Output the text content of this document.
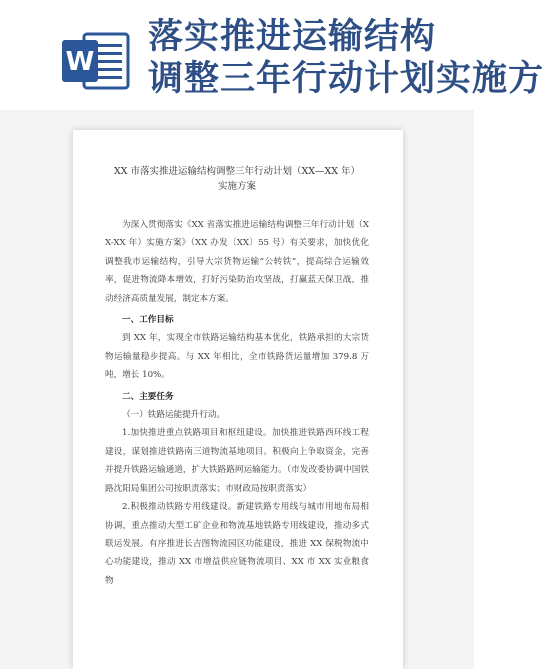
W
落实推进运输结构
调整三年行动计划实施方
XX 市落实推进运输结构调整三年行动计划（XX—XX 年）
实施方案

为深入贯彻落实《XX 省落实推进运输结构调整三年行动计划（XX-XX 年）实施方案》（XX 办发〔XX〕55 号）有关要求，加快优化调整我市运输结构，引导大宗货物运输“公转铁”，提高综合运输效率，促进物流降本增效，打好污染防治攻坚战，打赢蓝天保卫战，推动经济高质量发展，制定本方案。

一、工作目标

到 XX 年，实现全市铁路运输结构基本优化，铁路承担的大宗货物运输量稳步提高。与 XX 年相比，全市铁路货运量增加 379.8 万吨，增长 10%。

二、主要任务

（一）铁路运能提升行动。

1.加快推进重点铁路项目和枢纽建设。加快推进铁路西环线工程建设，谋划推进铁路南三道物流基地项目。积极向上争取资金，完善并提升铁路运输通道，扩大铁路路网运输能力。（市发改委协调中国铁路沈阳局集团公司按职责落实；市财政局按职责落实）

2.积极推动铁路专用线建设。新建铁路专用线与城市用地布局相协调，重点推动大型工矿企业和物流基地铁路专用线建设，推动多式联运发展。有序推进长吉图物流园区功能建设，推进 XX 保税物流中心功能建设，推动 XX 市增益供应链物流项目、XX 市 XX 实业粮食物
